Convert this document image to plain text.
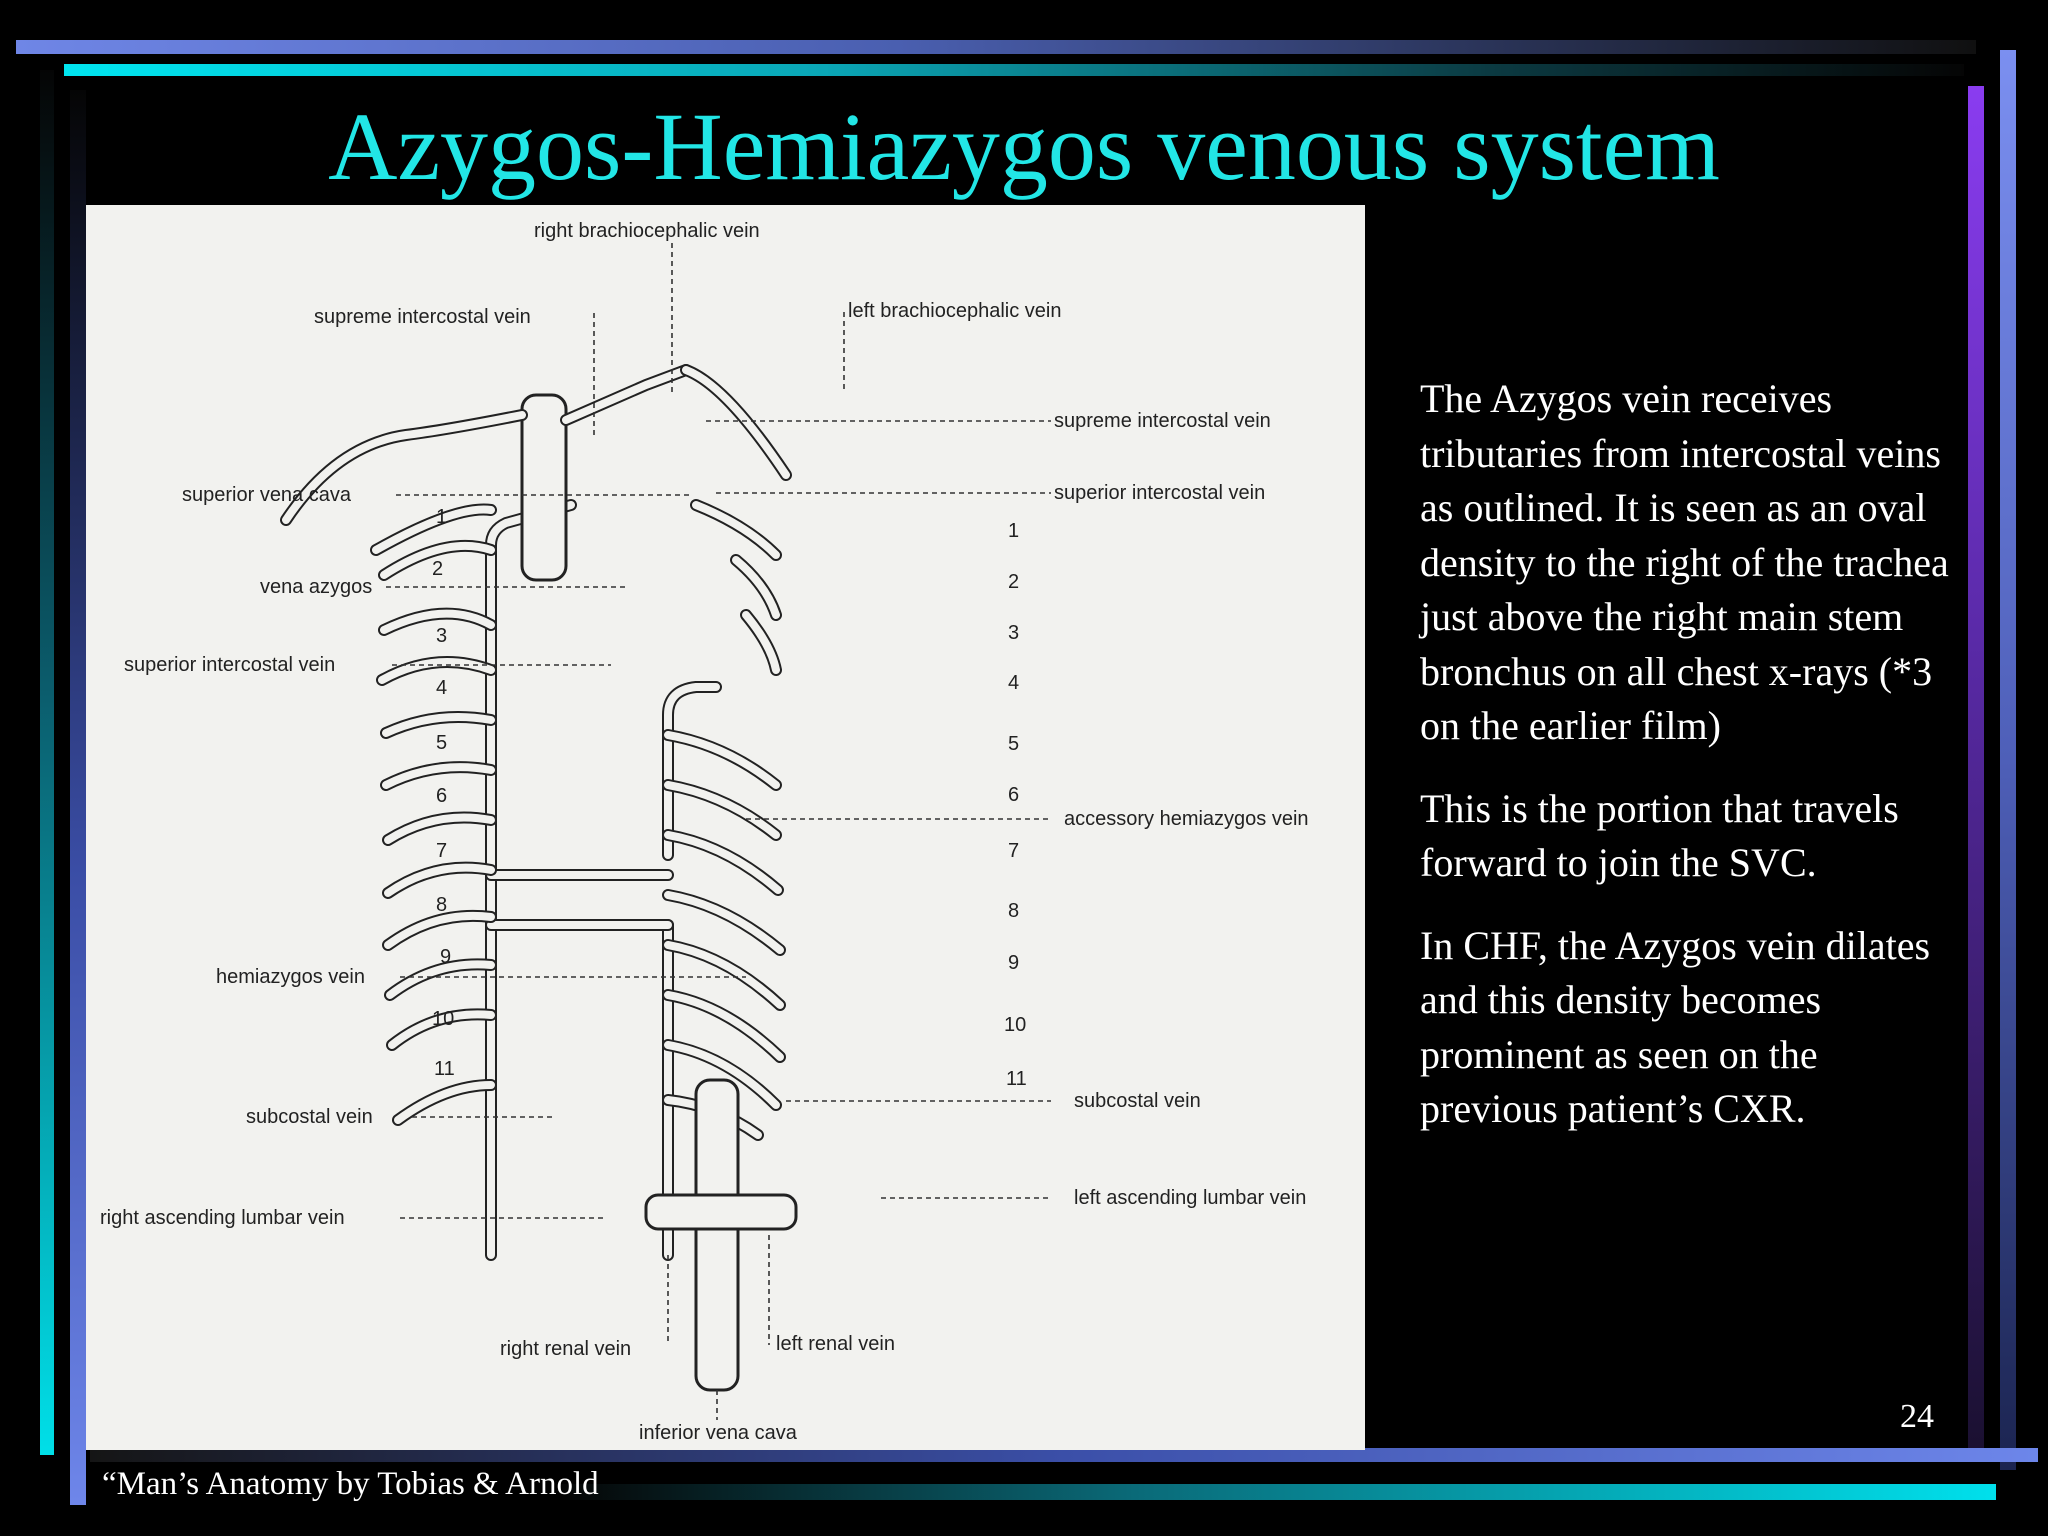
Azygos-Hemiazygos venous system
right brachiocephalic vein
supreme intercostal vein	left brachiocephalic vein
supreme intercostal vein
superior vena cava	superior intercostal vein
vena azygos
superior intercostal vein
accessory hemiazygos vein
hemiazygos vein
subcostal vein
subcostal vein
left ascending lumbar vein
right ascending lumbar vein
right renal vein	left renal vein
inferior vena cava
1
2
3
4
5
6
7
8
9
10
11
1
2
3
4
5
6
7
8
9
10
11

The Azygos vein receives tributaries from intercostal veins as outlined. It is seen as an oval density to the right of the trachea just above the right main stem bronchus on all chest x-rays (*3 on the earlier film)

This is the portion that travels forward to join the SVC.

In CHF, the Azygos vein dilates and this density becomes prominent as seen on the previous patient’s CXR.

24
“Man’s Anatomy by Tobias & Arnold
